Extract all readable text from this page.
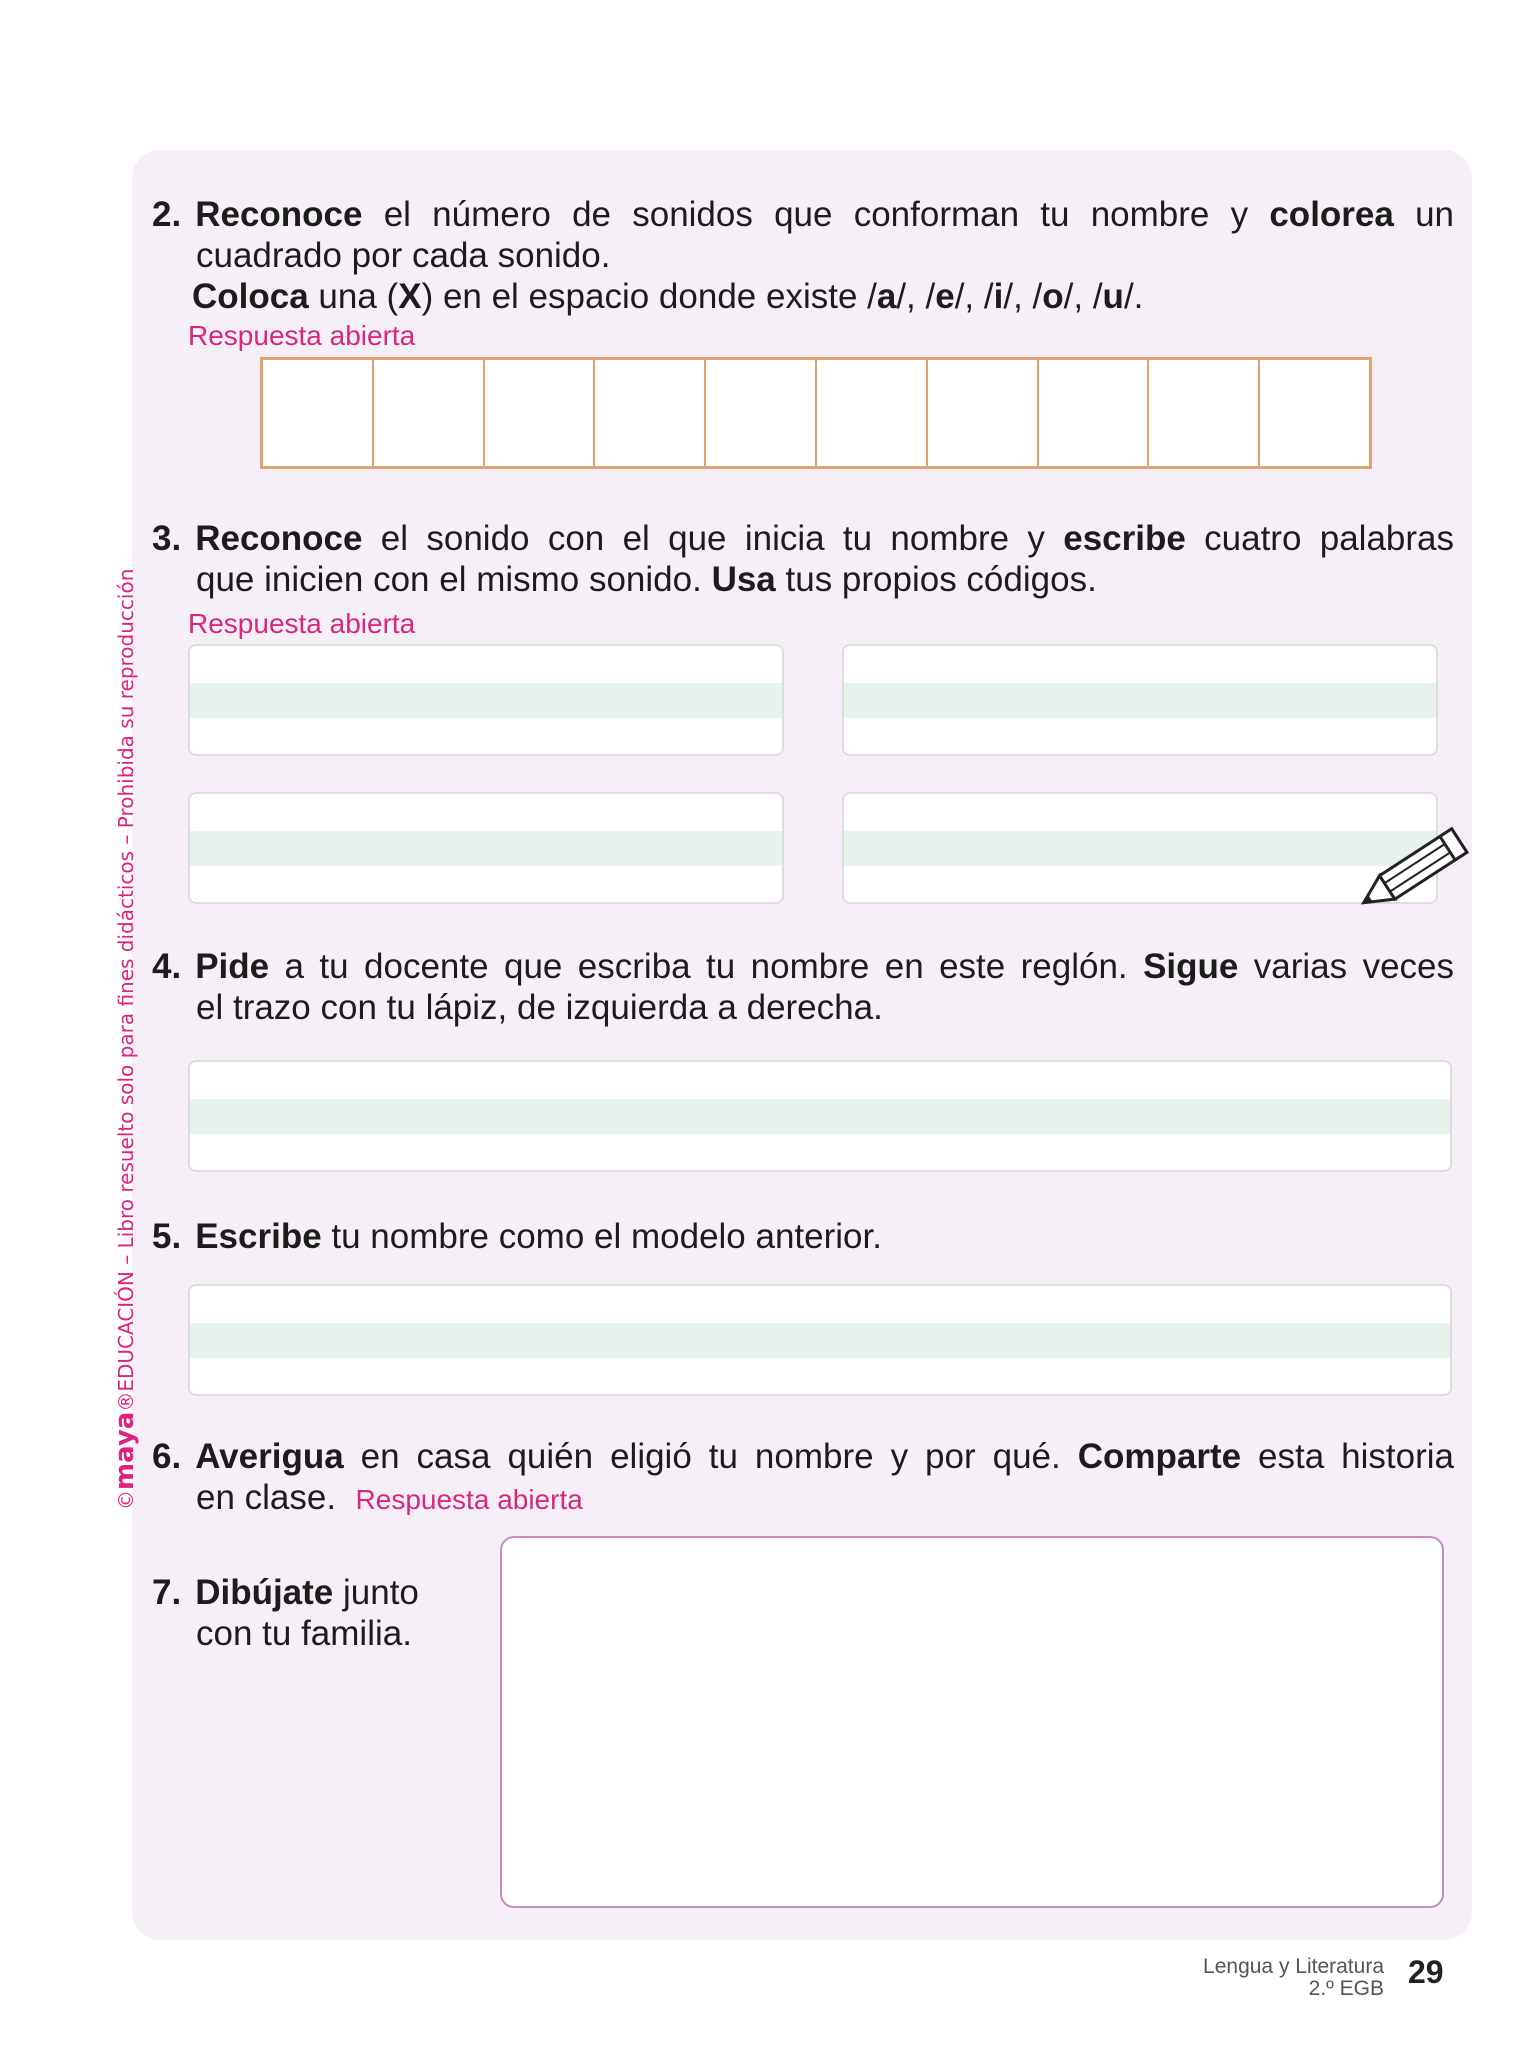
2. Reconoce el número de sonidos que conforman tu nombre y colorea un
cuadrado por cada sonido.
Coloca una (X) en el espacio donde existe /a/, /e/, /i/, /o/, /u/.
Respuesta abierta
3. Reconoce el sonido con el que inicia tu nombre y escribe cuatro palabras
que inicien con el mismo sonido. Usa tus propios códigos.
Respuesta abierta
4. Pide a tu docente que escriba tu nombre en este reglón. Sigue varias veces
el trazo con tu lápiz, de izquierda a derecha.
5. Escribe tu nombre como el modelo anterior.
6. Averigua en casa quién eligió tu nombre y por qué. Comparte esta historia
en clase. Respuesta abierta
7. Dibújate junto
con tu familia.
©maya®EDUCACIÓN – Libro resuelto solo para fines didácticos – Prohibida su reproducción
Lengua y Literatura
2.º EGB 29
